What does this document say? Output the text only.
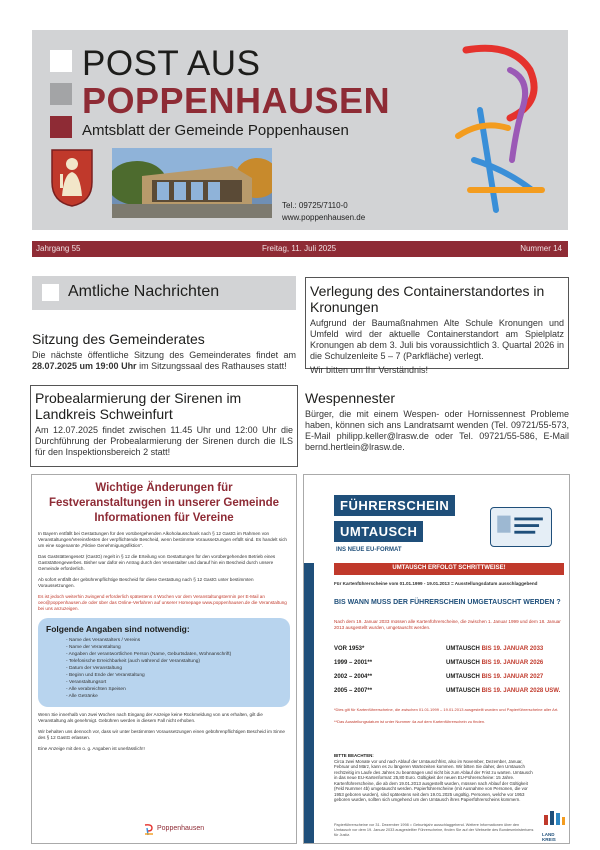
POST AUS
POPPENHAUSEN
Amtsblatt der Gemeinde Poppenhausen
Tel.: 09725/7110-0
www.poppenhausen.de
Jahrgang 55	Freitag, 11. Juli 2025	Nummer 14
Amtliche Nachrichten
Sitzung des Gemeinderates
Die nächste öffentliche Sitzung des Gemeinderates findet am 28.07.2025 um 19:00 Uhr im Sitzungssaal des Rathauses statt!
Probealarmierung der Sirenen im Landkreis Schweinfurt
Am 12.07.2025 findet zwischen 11.45 Uhr und 12:00 Uhr die Durchführung der Probealarmierung der Sirenen durch die ILS für den Inspektionsbereich 2 statt!
Verlegung des Containerstandortes in Kronungen
Aufgrund der Baumaßnahmen Alte Schule Kronungen und Umfeld wird der aktuelle Containerstandort am Spielplatz Kronungen ab dem 3. Juli bis voraussichtlich 3. Quartal 2026 in die Schulzenleite 5 – 7 (Parkfläche) verlegt.
Wir bitten um Ihr Verständnis!
Wespennester
Bürger, die mit einem Wespen- oder Hornissennest Probleme haben, können sich ans Landratsamt wenden (Tel. 09721/55-573, E-Mail philipp.keller@lrasw.de oder Tel. 09721/55-586, E-Mail bernd.hertlein@lrasw.de.
Wichtige Änderungen für
Festveranstaltungen in unserer Gemeinde
Informationen für Vereine
In Bayern entfällt bei Gestattungen für den vorübergehenden Alkoholausschank nach § 12 GastG im Rahmen von Veranstaltungen/Vereinsfesten der verpflichtende Bescheid, wenn bestimmte Voraussetzungen erfüllt sind. Es handelt sich um eine sogenannte „Fiktive Genehmigungsfiktion“.
Das Gaststättengesetz (GastG) regelt in § 12 die Erteilung von Gestattungen für den vorübergehenden Betrieb eines Gaststättengewerbes. Bisher war dafür ein Antrag durch den Veranstalter und darauf hin ein Bescheid durch unsere Gemeinde erforderlich.
Ab sofort entfällt der gebührenpflichtige Bescheid für diese Gestattung nach § 12 GastG unter bestimmten Voraussetzungen.
Es ist jedoch weiterhin zwingend erforderlich spätestens 4 Wochen vor dem Veranstaltungstermin per E-Mail an oeo@poppenhausen.de oder über das Online-Verfahren auf unserer Homepage www.poppenhausen.de die Veranstaltung bei uns anzuzeigen.
Folgende Angaben sind notwendig:
- Name des Veranstalters / Vereins
- Name der Veranstaltung
- Angaben der verantwortlichen Person (Name, Geburtsdaten, Wohnanschrift)
- Telefonische Erreichbarkeit (auch während der Veranstaltung)
- Datum der Veranstaltung
- Beginn und Ende der Veranstaltung
- Veranstaltungsort
- Alle verabreichten Speisen
- Alle Getränke
Wenn Sie innerhalb von zwei Wochen nach Eingang der Anzeige keine Rückmeldung von uns erhalten, gilt die Veranstaltung als genehmigt. Gebühren werden in diesem Fall nicht erhoben.
Wir behalten uns dennoch vor, dass wir unter bestimmten Voraussetzungen einen gebührenpflichtigen Bescheid im Sinne des § 12 GastG erlassen.
Eine Anzeige mit den o. g. Angaben ist unerlässlich!!
Poppenhausen
FÜHRERSCHEIN
UMTAUSCH
INS NEUE EU-FORMAT
UMTAUSCH ERFOLGT SCHRITTWEISE!
Für Kartenführerscheine vom 01.01.1999 - 19.01.2013 = Ausstellungsdatum ausschlaggebend
BIS WANN MUSS DER FÜHRERSCHEIN UMGETAUSCHT WERDEN ?
Nach dem 19. Januar 2033 müssen alle Kartenführerscheine, die zwischen 1. Januar 1999 und dem 18. Januar 2013 ausgestellt wurden, umgetauscht werden.
VOR 1953*	UMTAUSCH BIS 19. JANUAR 2033
1999 – 2001**	UMTAUSCH BIS 19. JANUAR 2026
2002 – 2004**	UMTAUSCH BIS 19. JANUAR 2027
2005 – 2007**	UMTAUSCH BIS 19. JANUAR 2028 USW.
*Dies gilt für Kartenführerscheine, die zwischen 01.01.1999 – 19.01.2013 ausgestellt wurden und Papierführerscheine aller Art.
**Das Ausstellungsdatum ist unter Nummer 4a auf dem Kartenführerschein zu finden.
BITTE BEACHTEN:
Circa zwei Monate vor und nach Ablauf der Umtauschfrist, also im November, Dezember, Januar, Februar und März, kann es zu längeren Wartezeiten kommen. Wir bitten Sie daher, den Umtausch rechtzeitig im Laufe des Jahres zu beantragen und nicht bis zum Ablauf der Frist zu warten. Umtausch in das neue EU-Kartenformat: 25,80 Euro. Gültigkeit der neuen EU-Führerscheine: 15 Jahre. Kartenführerscheine, die ab dem 19.01.2013 ausgestellt wurden, müssen nach Ablauf der Gültigkeit (Feld Nummer 4b) umgetauscht werden. Papierführerscheine (mit Ausnahme von Personen, die vor 1953 geboren wurden), sind spätestens seit dem 19.01.2025 ungültig. Personen, welche vor 1953 geboren wurden, sollten sich umgehend um den Umtausch ihres Papierführerscheins kümmern.
Papierführerscheine vor 31. Dezember 1998 = Geburtsjahr ausschlaggebend. Weitere Informationen über den Umtausch vor dem 19. Januar 2033 ausgestellter Führerscheine, finden Sie auf der Webseite des Bundesministeriums für Justiz.	LAND KREIS
